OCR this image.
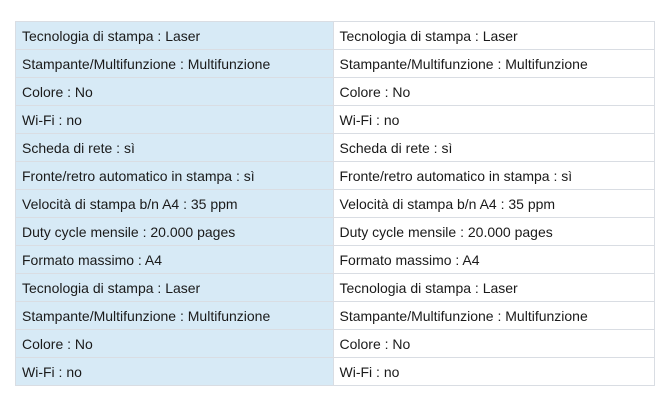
Tecnologia di stampa : Laser	Tecnologia di stampa : Laser
Stampante/Multifunzione : Multifunzione	Stampante/Multifunzione : Multifunzione
Colore : No	Colore : No
Wi-Fi : no	Wi-Fi : no
Scheda di rete : sì	Scheda di rete : sì
Fronte/retro automatico in stampa : sì	Fronte/retro automatico in stampa : sì
Velocità di stampa b/n A4 : 35 ppm	Velocità di stampa b/n A4 : 35 ppm
Duty cycle mensile : 20.000 pages	Duty cycle mensile : 20.000 pages
Formato massimo : A4	Formato massimo : A4
Tecnologia di stampa : Laser	Tecnologia di stampa : Laser
Stampante/Multifunzione : Multifunzione	Stampante/Multifunzione : Multifunzione
Colore : No	Colore : No
Wi-Fi : no	Wi-Fi : no
